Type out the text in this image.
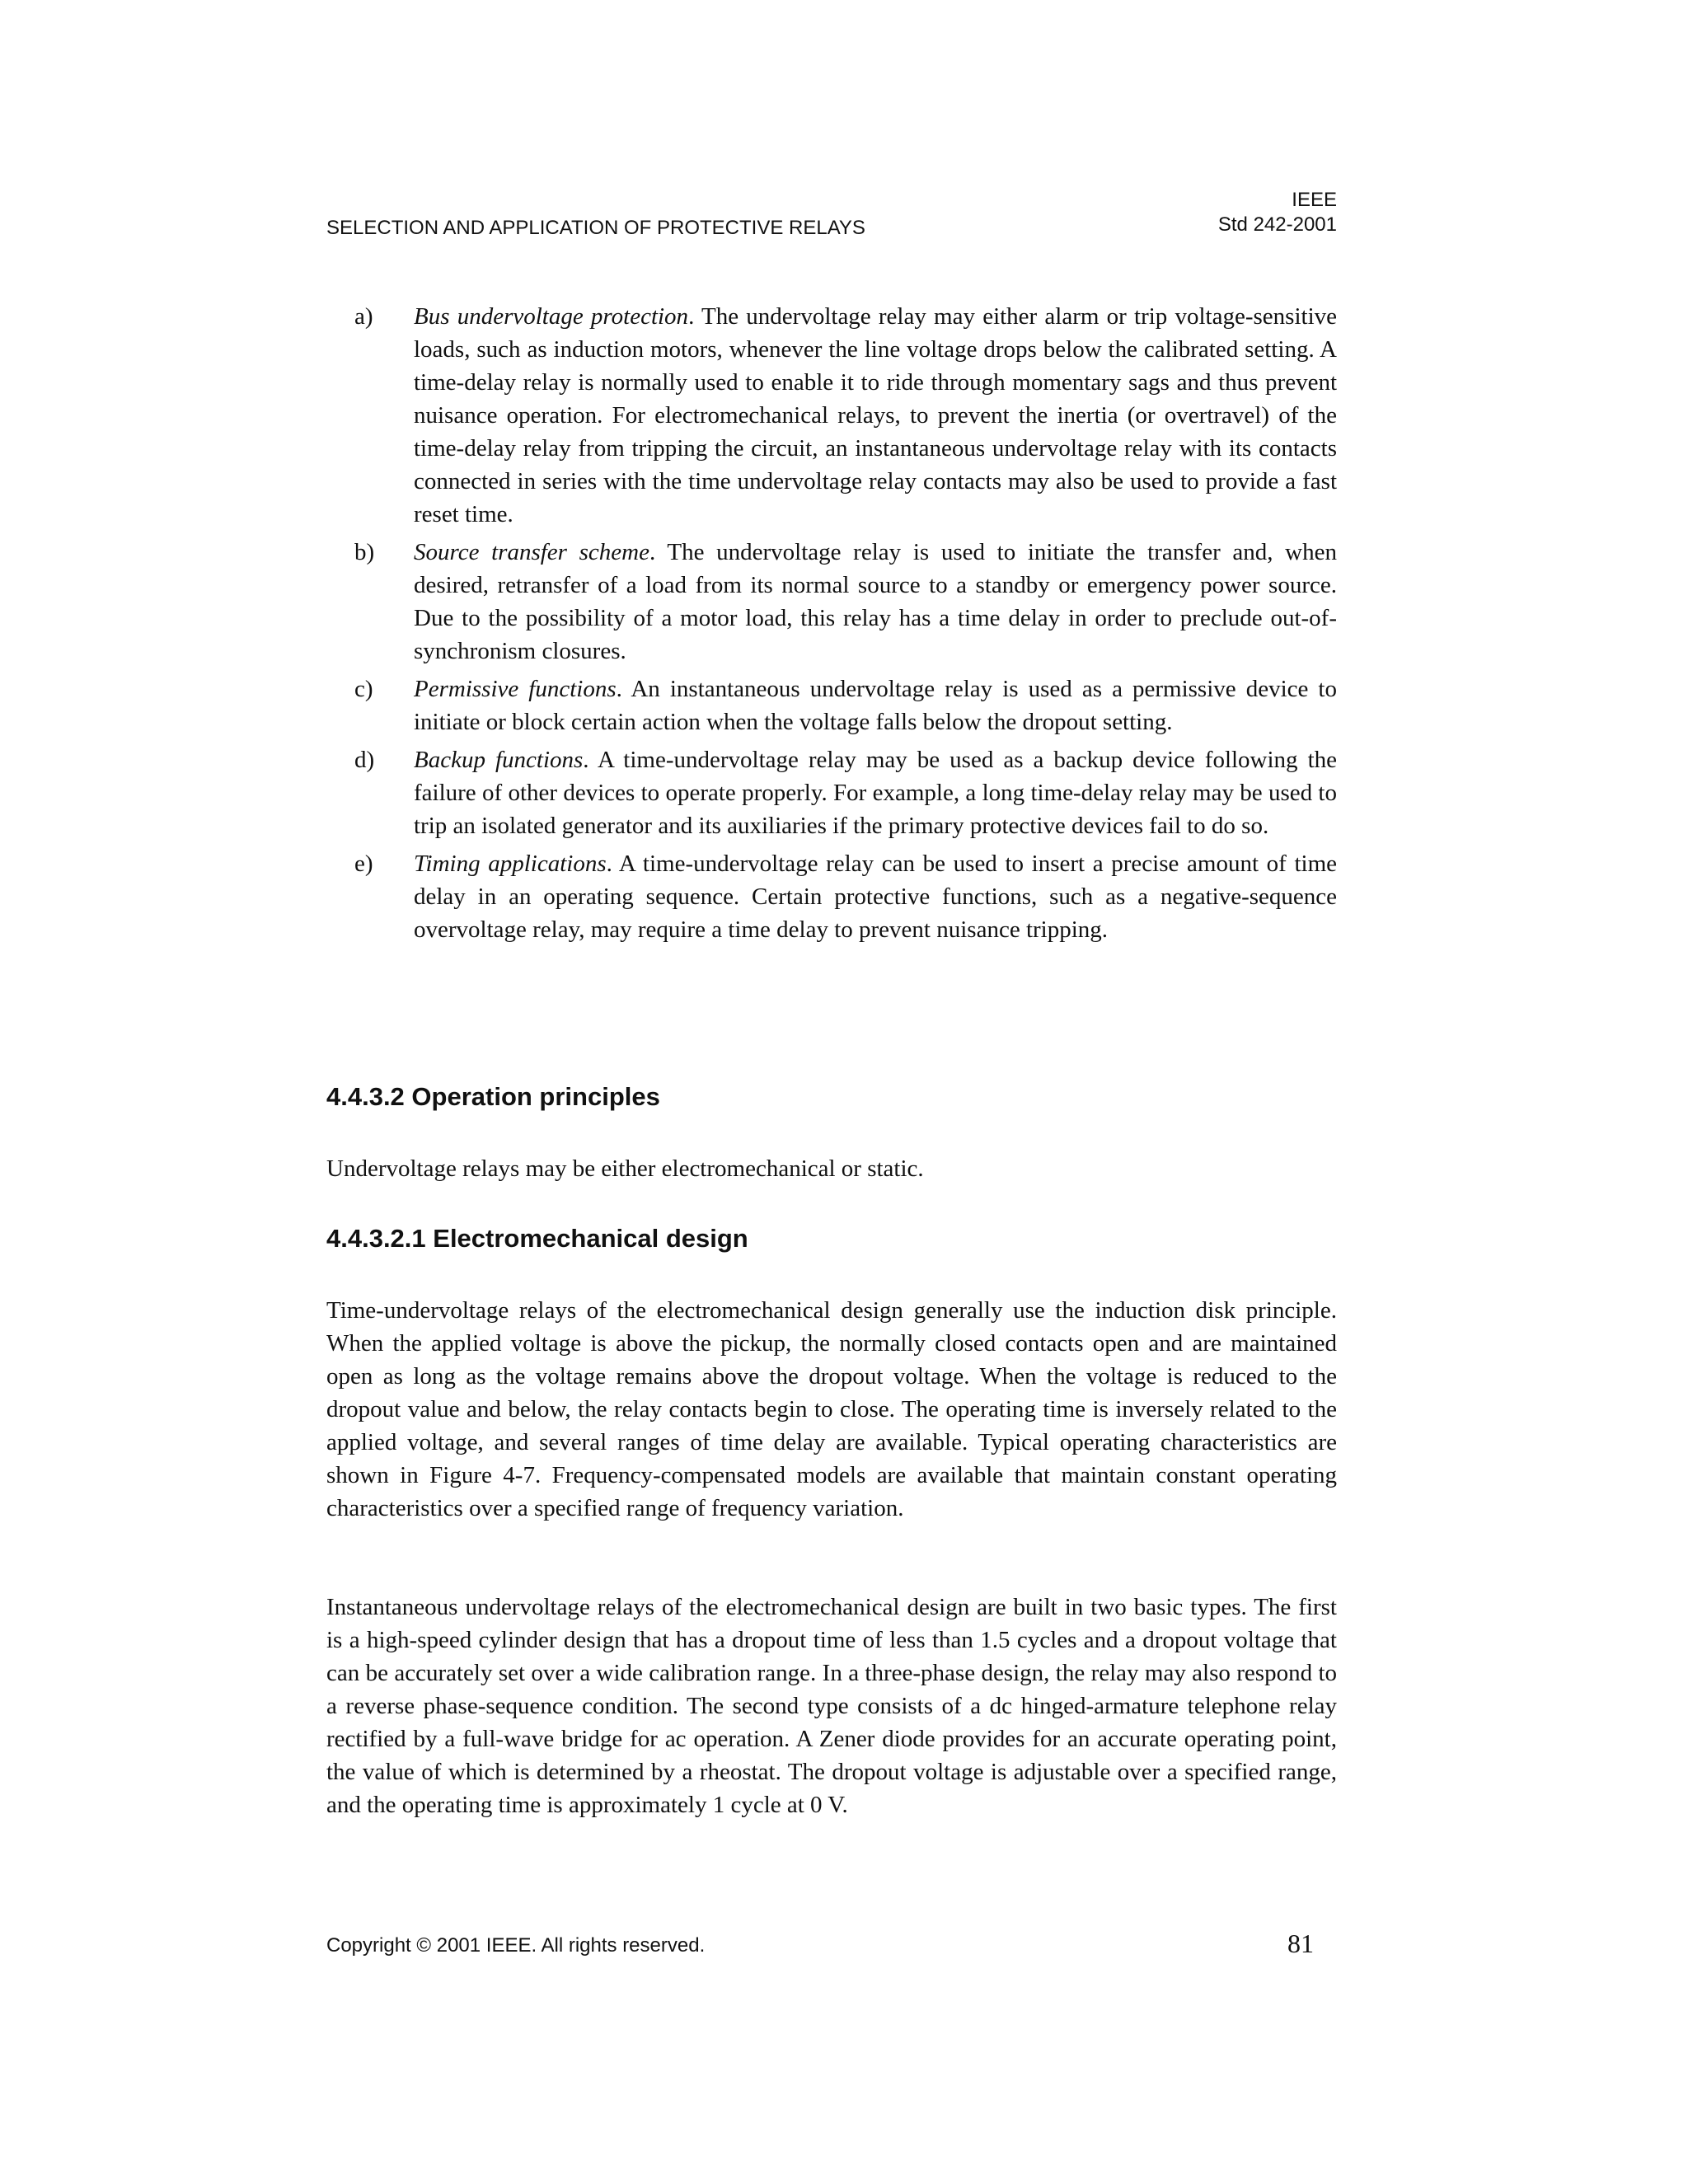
SELECTION AND APPLICATION OF PROTECTIVE RELAYS
IEEE
Std 242-2001
a) Bus undervoltage protection. The undervoltage relay may either alarm or trip voltage-sensitive loads, such as induction motors, whenever the line voltage drops below the calibrated setting. A time-delay relay is normally used to enable it to ride through momentary sags and thus prevent nuisance operation. For electromechanical relays, to prevent the inertia (or overtravel) of the time-delay relay from tripping the circuit, an instantaneous undervoltage relay with its contacts connected in series with the time undervoltage relay contacts may also be used to provide a fast reset time.
b) Source transfer scheme. The undervoltage relay is used to initiate the transfer and, when desired, retransfer of a load from its normal source to a standby or emergency power source. Due to the possibility of a motor load, this relay has a time delay in order to preclude out-of-synchronism closures.
c) Permissive functions. An instantaneous undervoltage relay is used as a permissive device to initiate or block certain action when the voltage falls below the dropout setting.
d) Backup functions. A time-undervoltage relay may be used as a backup device following the failure of other devices to operate properly. For example, a long time-delay relay may be used to trip an isolated generator and its auxiliaries if the primary protective devices fail to do so.
e) Timing applications. A time-undervoltage relay can be used to insert a precise amount of time delay in an operating sequence. Certain protective functions, such as a negative-sequence overvoltage relay, may require a time delay to prevent nuisance tripping.
4.4.3.2 Operation principles

Undervoltage relays may be either electromechanical or static.

4.4.3.2.1 Electromechanical design

Time-undervoltage relays of the electromechanical design generally use the induction disk principle. When the applied voltage is above the pickup, the normally closed contacts open and are maintained open as long as the voltage remains above the dropout voltage. When the voltage is reduced to the dropout value and below, the relay contacts begin to close. The operating time is inversely related to the applied voltage, and several ranges of time delay are available. Typical operating characteristics are shown in Figure 4-7. Frequency-compensated models are available that maintain constant operating characteristics over a specified range of frequency variation.

Instantaneous undervoltage relays of the electromechanical design are built in two basic types. The first is a high-speed cylinder design that has a dropout time of less than 1.5 cycles and a dropout voltage that can be accurately set over a wide calibration range. In a three-phase design, the relay may also respond to a reverse phase-sequence condition. The second type consists of a dc hinged-armature telephone relay rectified by a full-wave bridge for ac operation. A Zener diode provides for an accurate operating point, the value of which is determined by a rheostat. The dropout voltage is adjustable over a specified range, and the operating time is approximately 1 cycle at 0 V.

Copyright © 2001 IEEE. All rights reserved.	81
